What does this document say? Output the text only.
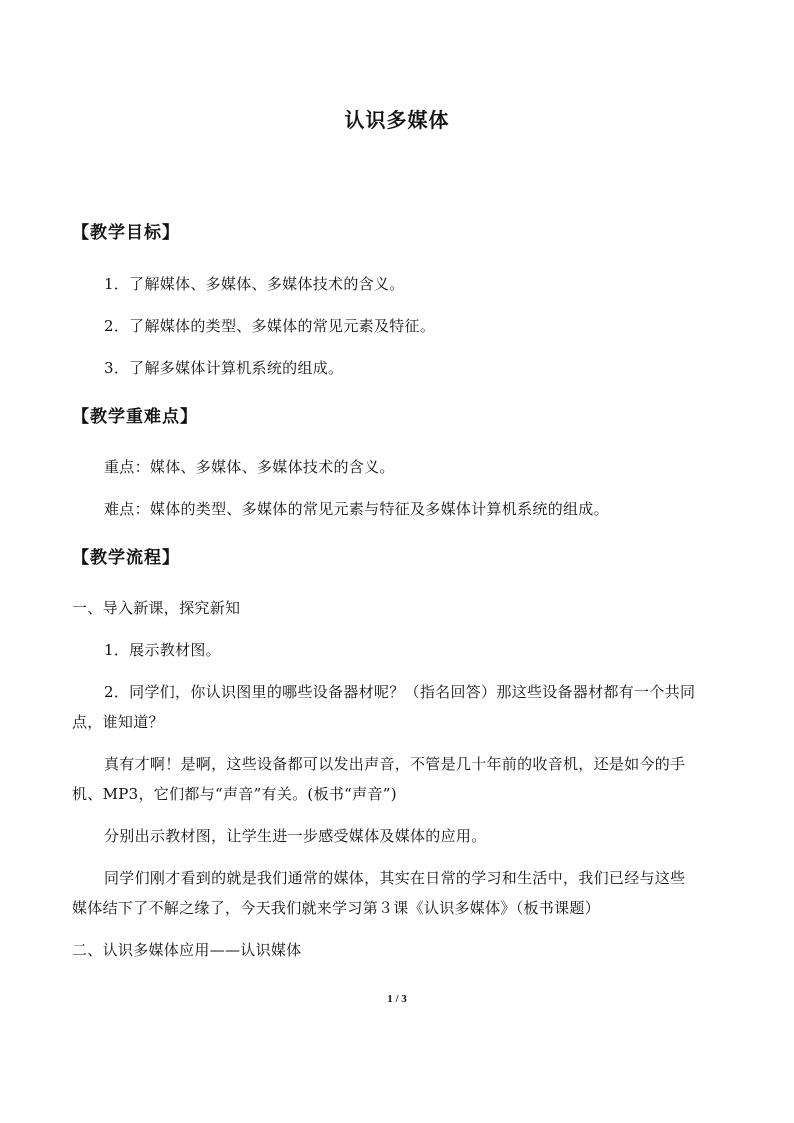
认识多媒体
【教学目标】
1．了解媒体、多媒体、多媒体技术的含义。
2．了解媒体的类型、多媒体的常见元素及特征。
3．了解多媒体计算机系统的组成。
【教学重难点】
重点：媒体、多媒体、多媒体技术的含义。
难点：媒体的类型、多媒体的常见元素与特征及多媒体计算机系统的组成。
【教学流程】
一、导入新课，探究新知
1．展示教材图。
2．同学们，你认识图里的哪些设备器材呢？（指名回答）那这些设备器材都有一个共同
点，谁知道？
真有才啊！是啊，这些设备都可以发出声音，不管是几十年前的收音机，还是如今的手
机、MP3，它们都与“声音”有关。(板书“声音”)
分别出示教材图，让学生进一步感受媒体及媒体的应用。
同学们刚才看到的就是我们通常的媒体，其实在日常的学习和生活中，我们已经与这些
媒体结下了不解之缘了，今天我们就来学习第３课《认识多媒体》（板书课题）
二、认识多媒体应用——认识媒体
1 / 3
